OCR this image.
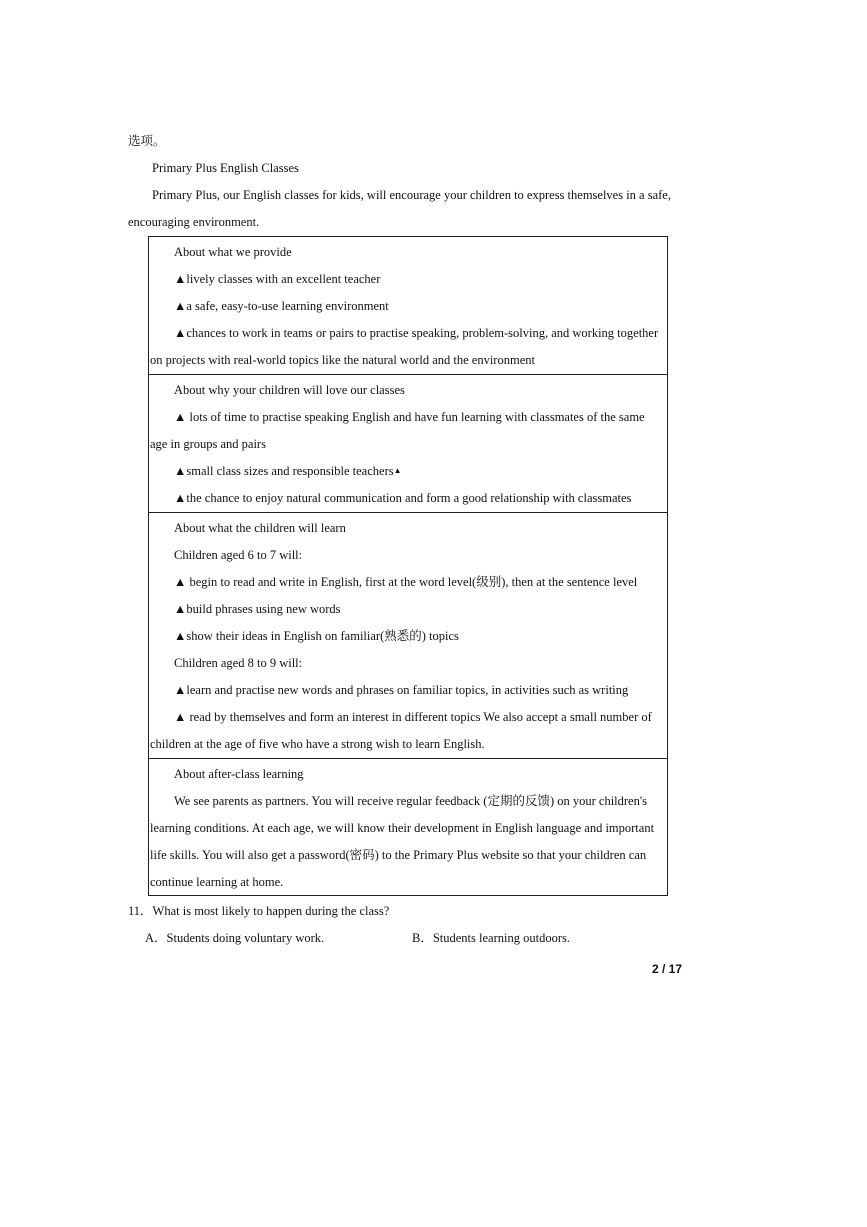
选项。
Primary Plus English Classes
Primary Plus, our English classes for kids, will encourage your children to express themselves in a safe,
encouraging environment.
About what we provide
▲lively classes with an excellent teacher
▲a safe, easy-to-use learning environment
▲chances to work in teams or pairs to practise speaking, problem-solving, and working together
on projects with real-world topics like the natural world and the environment
About why your children will love our classes
▲ lots of time to practise speaking English and have fun learning with classmates of the same
age in groups and pairs
▲small class sizes and responsible teachers▲
▲the chance to enjoy natural communication and form a good relationship with classmates
About what the children will learn
Children aged 6 to 7 will:
▲ begin to read and write in English, first at the word level(级别), then at the sentence level
▲build phrases using new words
▲show their ideas in English on familiar(熟悉的) topics
Children aged 8 to 9 will:
▲learn and practise new words and phrases on familiar topics, in activities such as writing
▲ read by themselves and form an interest in different topics We also accept a small number of
children at the age of five who have a strong wish to learn English.
About after-class learning
We see parents as partners. You will receive regular feedback (定期的反馈) on your children's
learning conditions. At each age, we will know their development in English language and important
life skills. You will also get a password(密码) to the Primary Plus website so that your children can
continue learning at home.
11．What is most likely to happen during the class?
A．Students doing voluntary work.	B．Students learning outdoors.
2 / 17
